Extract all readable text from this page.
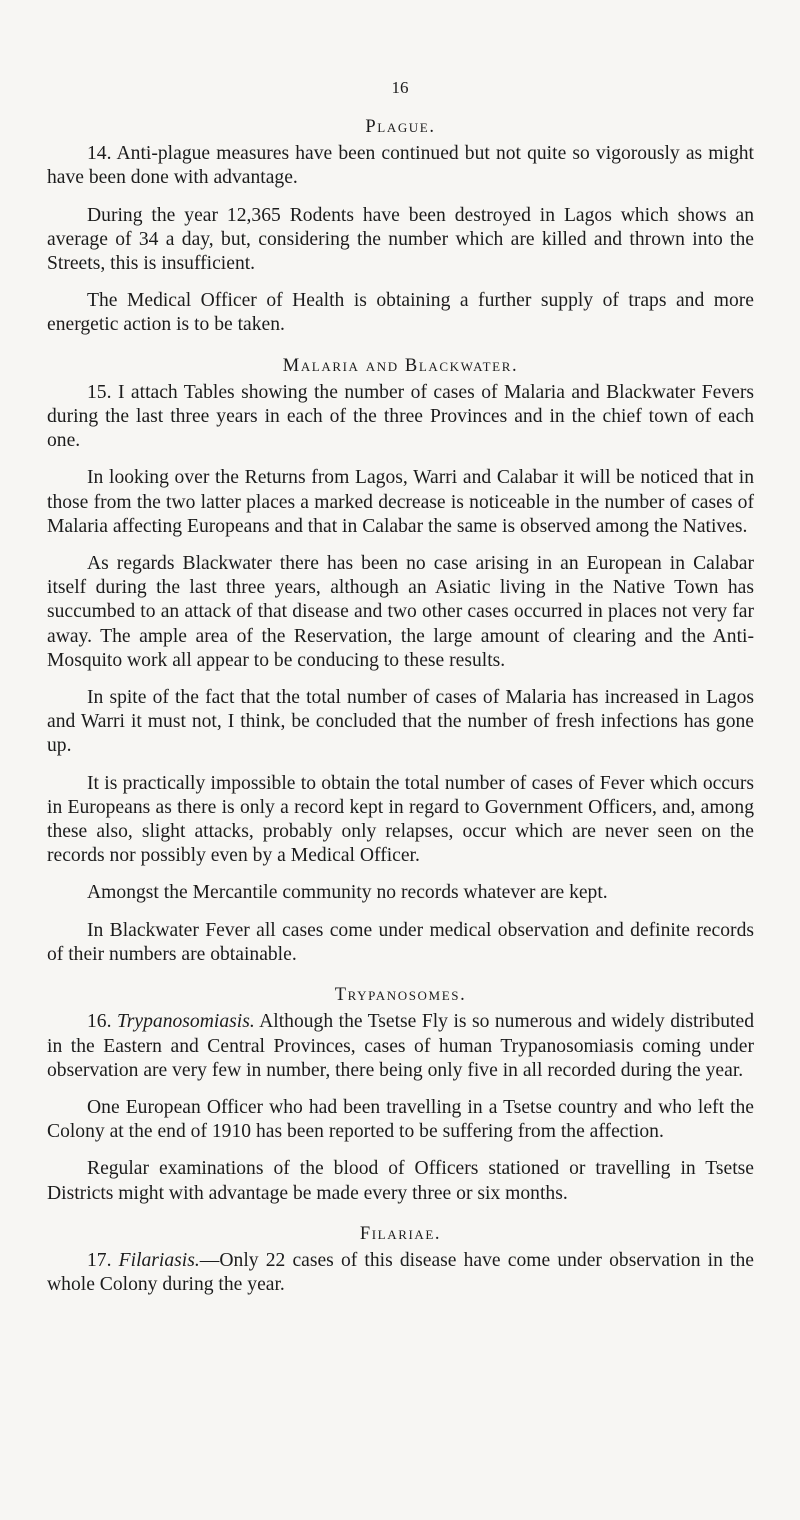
16
Plague.

14. Anti-plague measures have been continued but not quite so vigorously as might have been done with advantage.

During the year 12,365 Rodents have been destroyed in Lagos which shows an average of 34 a day, but, considering the number which are killed and thrown into the Streets, this is insufficient.

The Medical Officer of Health is obtaining a further supply of traps and more energetic action is to be taken.

Malaria and Blackwater.

15. I attach Tables showing the number of cases of Malaria and Blackwater Fevers during the last three years in each of the three Provinces and in the chief town of each one.

In looking over the Returns from Lagos, Warri and Calabar it will be noticed that in those from the two latter places a marked decrease is noticeable in the number of cases of Malaria affecting Europeans and that in Calabar the same is observed among the Natives.

As regards Blackwater there has been no case arising in an European in Calabar itself during the last three years, although an Asiatic living in the Native Town has succumbed to an attack of that disease and two other cases occurred in places not very far away. The ample area of the Reservation, the large amount of clearing and the Anti-Mosquito work all appear to be conducing to these results.

In spite of the fact that the total number of cases of Malaria has increased in Lagos and Warri it must not, I think, be concluded that the number of fresh infections has gone up.

It is practically impossible to obtain the total number of cases of Fever which occurs in Europeans as there is only a record kept in regard to Government Officers, and, among these also, slight attacks, probably only relapses, occur which are never seen on the records nor possibly even by a Medical Officer.

Amongst the Mercantile community no records whatever are kept.

In Blackwater Fever all cases come under medical observation and definite records of their numbers are obtainable.

Trypanosomes.

16. Trypanosomiasis. Although the Tsetse Fly is so numerous and widely distributed in the Eastern and Central Provinces, cases of human Trypanosomiasis coming under observation are very few in number, there being only five in all recorded during the year.

One European Officer who had been travelling in a Tsetse country and who left the Colony at the end of 1910 has been reported to be suffering from the affection.

Regular examinations of the blood of Officers stationed or travelling in Tsetse Districts might with advantage be made every three or six months.

Filariae.

17. Filariasis.—Only 22 cases of this disease have come under observation in the whole Colony during the year.
